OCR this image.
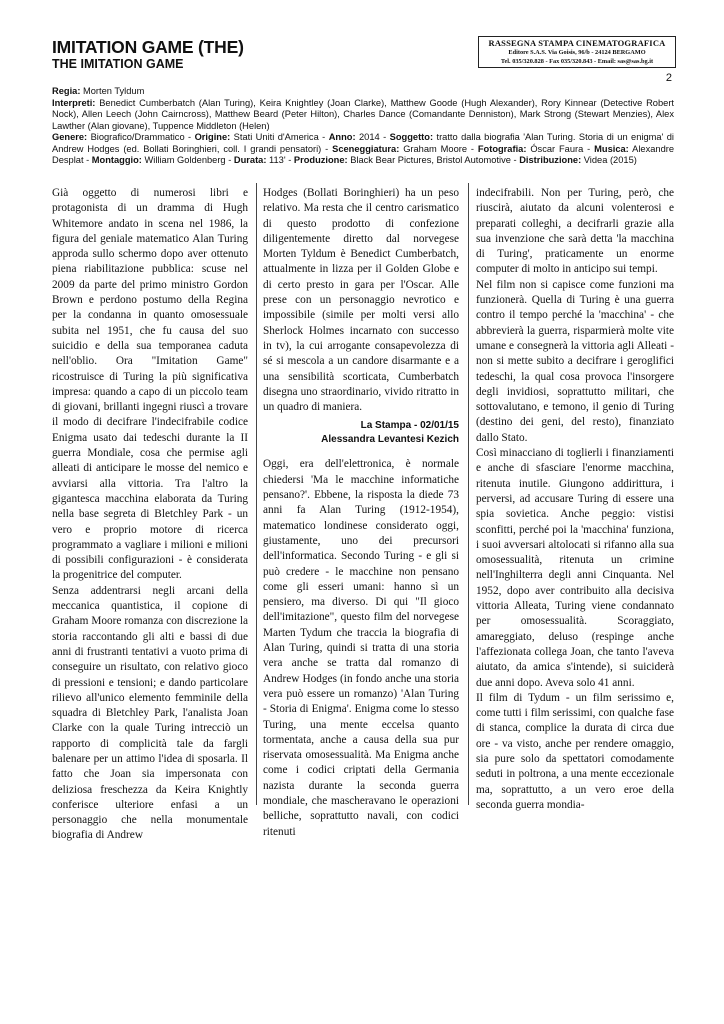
IMITATION GAME (THE)
THE IMITATION GAME
RASSEGNA STAMPA CINEMATOGRAFICA
Editore S.A.S. Via Goisis, 96/b - 24124 BERGAMO
Tel. 035/320.828 - Fax 035/320.843 - Email: sas@sas.bg.it
2

Regia: Morten Tyldum

Interpreti: Benedict Cumberbatch (Alan Turing), Keira Knightley (Joan Clarke), Matthew Goode (Hugh Alexander), Rory Kinnear (Detective Robert Nock), Allen Leech (John Cairncross), Matthew Beard (Peter Hilton), Charles Dance (Comandante Denniston), Mark Strong (Stewart Menzies), Alex Lawther (Alan giovane), Tuppence Middleton (Helen)

Genere: Biografico/Drammatico - Origine: Stati Uniti d'America - Anno: 2014 - Soggetto: tratto dalla biografia 'Alan Turing. Storia di un enigma' di Andrew Hodges (ed. Bollati Boringhieri, coll. I grandi pensatori) - Sceneggiatura: Graham Moore - Fotografia: Óscar Faura - Musica: Alexandre Desplat - Montaggio: William Goldenberg - Durata: 113' - Produzione: Black Bear Pictures, Bristol Automotive - Distribuzione: Videa (2015)

Già oggetto di numerosi libri e protagonista di un dramma di Hugh Whitemore andato in scena nel 1986, la figura del geniale matematico Alan Turing approda sullo schermo dopo aver ottenuto piena riabilitazione pubblica: scuse nel 2009 da parte del primo ministro Gordon Brown e perdono postumo della Regina per la condanna in quanto omosessuale subita nel 1951, che fu causa del suo suicidio e della sua temporanea caduta nell'oblio. Ora "Imitation Game" ricostruisce di Turing la più significativa impresa: quando a capo di un piccolo team di giovani, brillanti ingegni riuscì a trovare il modo di decifrare l'indecifrabile codice Enigma usato dai tedeschi durante la II guerra Mondiale, cosa che permise agli alleati di anticipare le mosse del nemico e avviarsi alla vittoria. Tra l'altro la gigantesca macchina elaborata da Turing nella base segreta di Bletchley Park - un vero e proprio motore di ricerca programmato a vagliare i milioni e milioni di possibili configurazioni - è considerata la progenitrice del computer.

Senza addentrarsi negli arcani della meccanica quantistica, il copione di Graham Moore romanza con discrezione la storia raccontando gli alti e bassi di due anni di frustranti tentativi a vuoto prima di conseguire un risultato, con relativo gioco di pressioni e tensioni; e dando particolare rilievo all'unico elemento femminile della squadra di Bletchley Park, l'analista Joan Clarke con la quale Turing intrecciò un rapporto di complicità tale da fargli balenare per un attimo l'idea di sposarla. Il fatto che Joan sia impersonata con deliziosa freschezza da Keira Knightly conferisce ulteriore enfasi a un personaggio che nella monumentale biografia di Andrew

Hodges (Bollati Boringhieri) ha un peso relativo. Ma resta che il centro carismatico di questo prodotto di confezione diligentemente diretto dal norvegese Morten Tyldum è Benedict Cumberbatch, attualmente in lizza per il Golden Globe e di certo presto in gara per l'Oscar. Alle prese con un personaggio nevrotico e impossibile (simile per molti versi allo Sherlock Holmes incarnato con successo in tv), la cui arrogante consapevolezza di sé si mescola a un candore disarmante e a una sensibilità scorticata, Cumberbatch disegna uno straordinario, vivido ritratto in un quadro di maniera.

La Stampa - 02/01/15
Alessandra Levantesi Kezich

Oggi, era dell'elettronica, è normale chiedersi 'Ma le macchine informatiche pensano?'. Ebbene, la risposta la diede 73 anni fa Alan Turing (1912-1954), matematico londinese considerato oggi, giustamente, uno dei precursori dell'informatica. Secondo Turing - e gli si può credere - le macchine non pensano come gli esseri umani: hanno sì un pensiero, ma diverso. Di qui "Il gioco dell'imitazione", questo film del norvegese Marten Tydum che traccia la biografia di Alan Turing, quindi si tratta di una storia vera anche se tratta dal romanzo di Andrew Hodges (in fondo anche una storia vera può essere un romanzo) 'Alan Turing - Storia di Enigma'. Enigma come lo stesso Turing, una mente eccelsa quanto tormentata, anche a causa della sua pur riservata omosessualità. Ma Enigma anche come i codici criptati della Germania nazista durante la seconda guerra mondiale, che mascheravano le operazioni belliche, soprattutto navali, con codici ritenuti

indecifrabili. Non per Turing, però, che riuscirà, aiutato da alcuni volenterosi e preparati colleghi, a decifrarli grazie alla sua invenzione che sarà detta 'la macchina di Turing', praticamente un enorme computer di molto in anticipo sui tempi.

Nel film non si capisce come funzioni ma funzionerà. Quella di Turing è una guerra contro il tempo perché la 'macchina' - che abbrevierà la guerra, risparmierà molte vite umane e consegnerà la vittoria agli Alleati - non si mette subito a decifrare i geroglifici tedeschi, la qual cosa provoca l'insorgere degli invidiosi, soprattutto militari, che sottovalutano, e temono, il genio di Turing (destino dei geni, del resto), finanziato dallo Stato.

Così minacciano di toglierli i finanziamenti e anche di sfasciare l'enorme macchina, ritenuta inutile. Giungono addirittura, i perversi, ad accusare Turing di essere una spia sovietica. Anche peggio: vistisi sconfitti, perché poi la 'macchina' funziona, i suoi avversari altolocati si rifanno alla sua omosessualità, ritenuta un crimine nell'Inghilterra degli anni Cinquanta. Nel 1952, dopo aver contribuito alla decisiva vittoria Alleata, Turing viene condannato per omosessualità. Scoraggiato, amareggiato, deluso (respinge anche l'affezionata collega Joan, che tanto l'aveva aiutato, da amica s'intende), si suiciderà due anni dopo. Aveva solo 41 anni.

Il film di Tydum - un film serissimo e, come tutti i film serissimi, con qualche fase di stanca, complice la durata di circa due ore - va visto, anche per rendere omaggio, sia pure solo da spettatori comodamente seduti in poltrona, a una mente eccezionale ma, soprattutto, a un vero eroe della seconda guerra mondia-
